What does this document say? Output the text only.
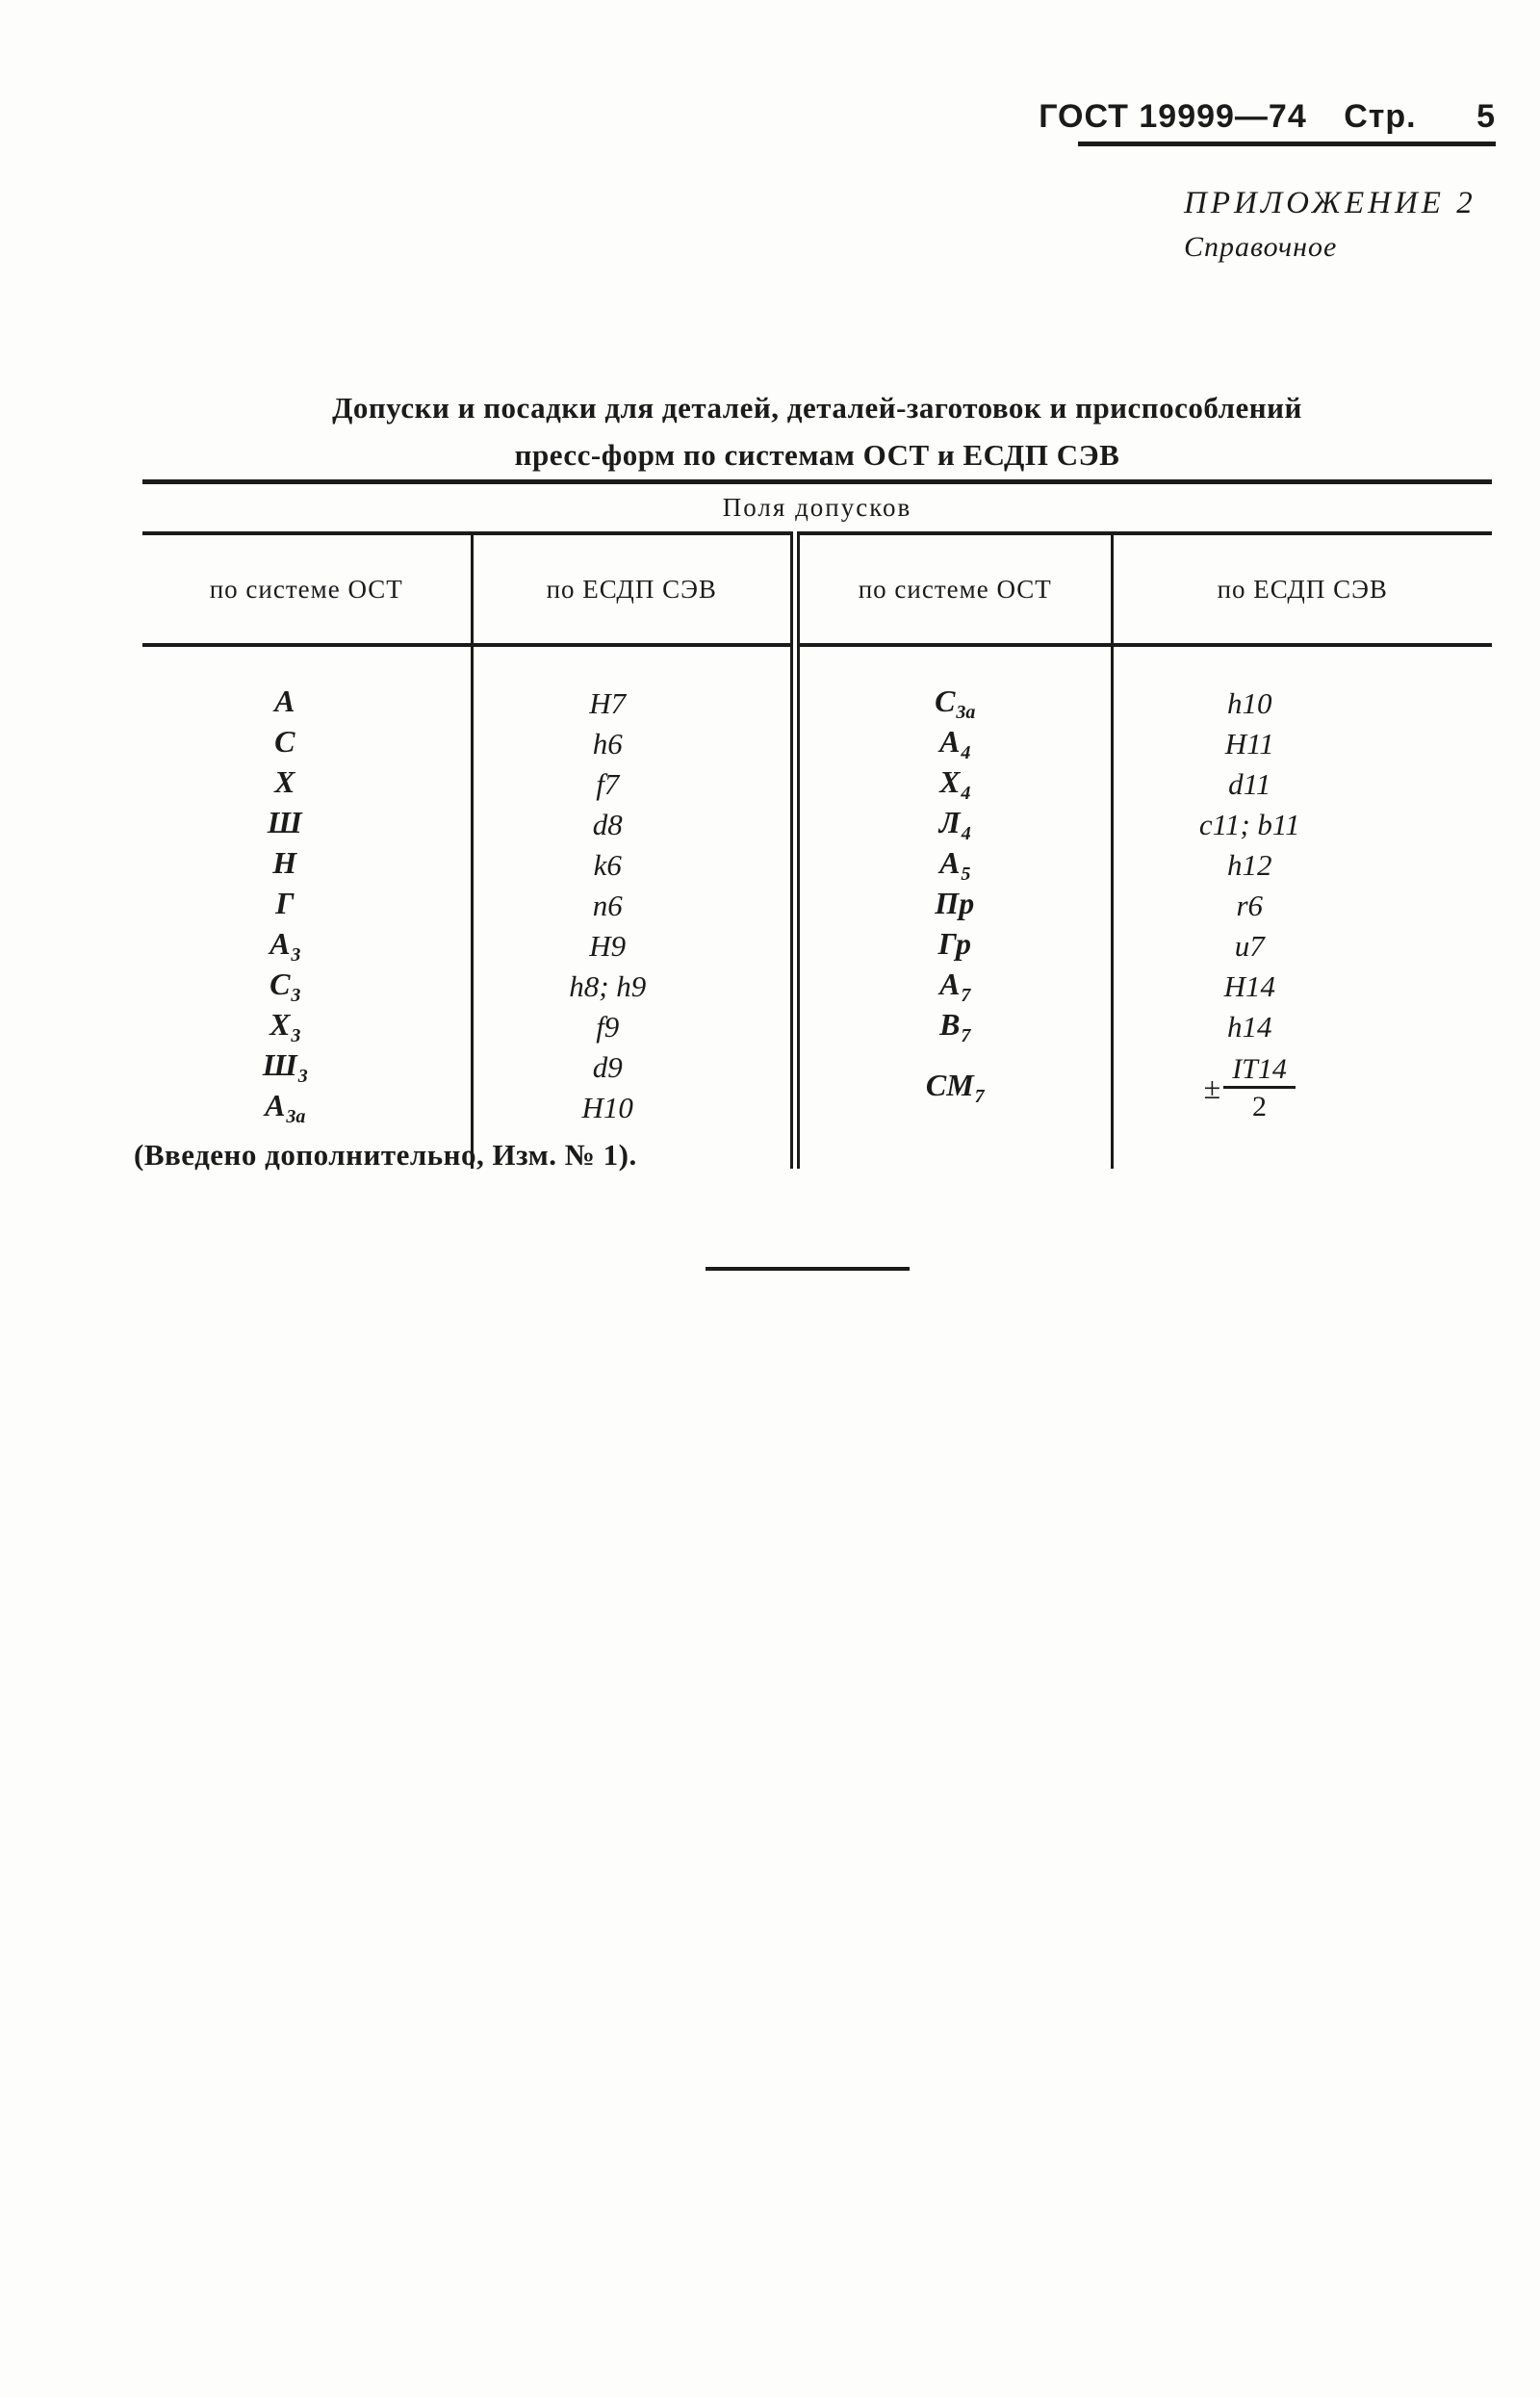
ГОСТ 19999—74 Стр. 5
ПРИЛОЖЕНИЕ 2
Справочное
Допуски и посадки для деталей, деталей-заготовок и приспособлений
пресс-форм по системам ОСТ и ЕСДП СЭВ
Поля допусков			
по системе ОСТ	по ЕСДП СЭВ	по системе ОСТ	по ЕСДП СЭВ

А	H7	$С_{3а}$	h10
С	h6	$А_4$	H11
Х	f7	$Х_4$	d11
Ш	d8	$Л_4$	c11; b11
Н	k6	$А_5$	h12
Г	n6	Пр	r6
$А_3$	H9	Гр	u7
$С_3$	h8; h9	$А_7$	H14
$Х_3$	f9	$В_7$	h14
$Ш_3$	d9	$СМ_7$	± $\frac{IT14}{2}$

$А_{3а}$	H10		

(Введено дополнительно, Изм. № 1).
